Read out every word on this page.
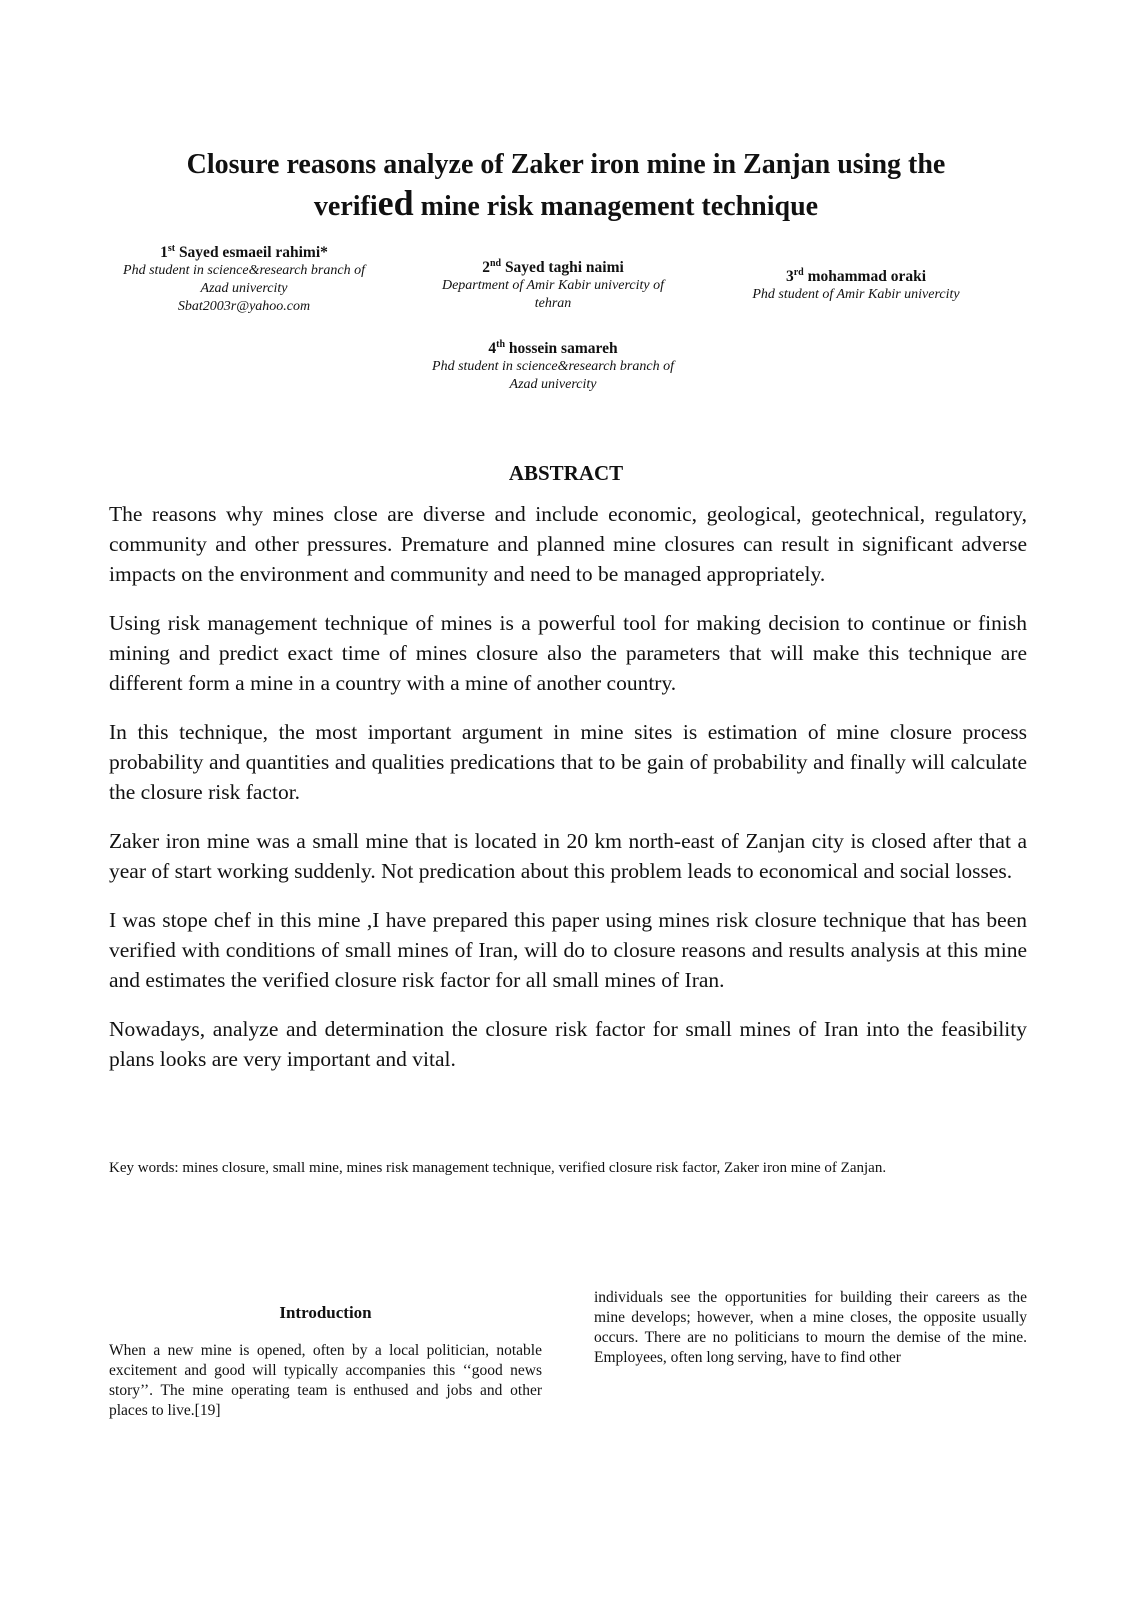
Closure reasons analyze of Zaker iron mine in Zanjan using the
verified mine risk management technique
1st Sayed esmaeil rahimi*
Phd student in science&research branch of
Azad univercity
Sbat2003r@yahoo.com
2nd Sayed taghi naimi
Department of Amir Kabir univercity of
tehran
3rd mohammad oraki
Phd student of Amir Kabir univercity
4th hossein samareh
Phd student in science&research branch of
Azad univercity
ABSTRACT

The reasons why mines close are diverse and include economic, geological, geotechnical, regulatory, community and other pressures. Premature and planned mine closures can result in significant adverse impacts on the environment and community and need to be managed appropriately.

Using risk management technique of mines is a powerful tool for making decision to continue or finish mining and predict exact time of mines closure also the parameters that will make this technique are different form a mine in a country with a mine of another country.

In this technique, the most important argument in mine sites is estimation of mine closure process probability and quantities and qualities predications that to be gain of probability and finally will calculate the closure risk factor.

Zaker iron mine was a small mine that is located in 20 km north-east of Zanjan city is closed after that a year of start working suddenly. Not predication about this problem leads to economical and social losses.

I was stope chef in this mine ,I have prepared this paper using mines risk closure technique that has been verified with conditions of small mines of Iran, will do to closure reasons and results analysis at this mine and estimates the verified closure risk factor for all small mines of Iran.

Nowadays, analyze and determination the closure risk factor for small mines of Iran into the feasibility plans looks are very important and vital.

Key words: mines closure, small mine, mines risk management technique, verified closure risk factor, Zaker iron mine of Zanjan.
Introduction

When a new mine is opened, often by a local politician, notable excitement and good will typically accompanies this ‘‘good news story’’. The mine operating team is enthused and jobs and other places to live.[19]

individuals see the opportunities for building their careers as the mine develops; however, when a mine closes, the opposite usually occurs. There are no politicians to mourn the demise of the mine. Employees, often long serving, have to find other
